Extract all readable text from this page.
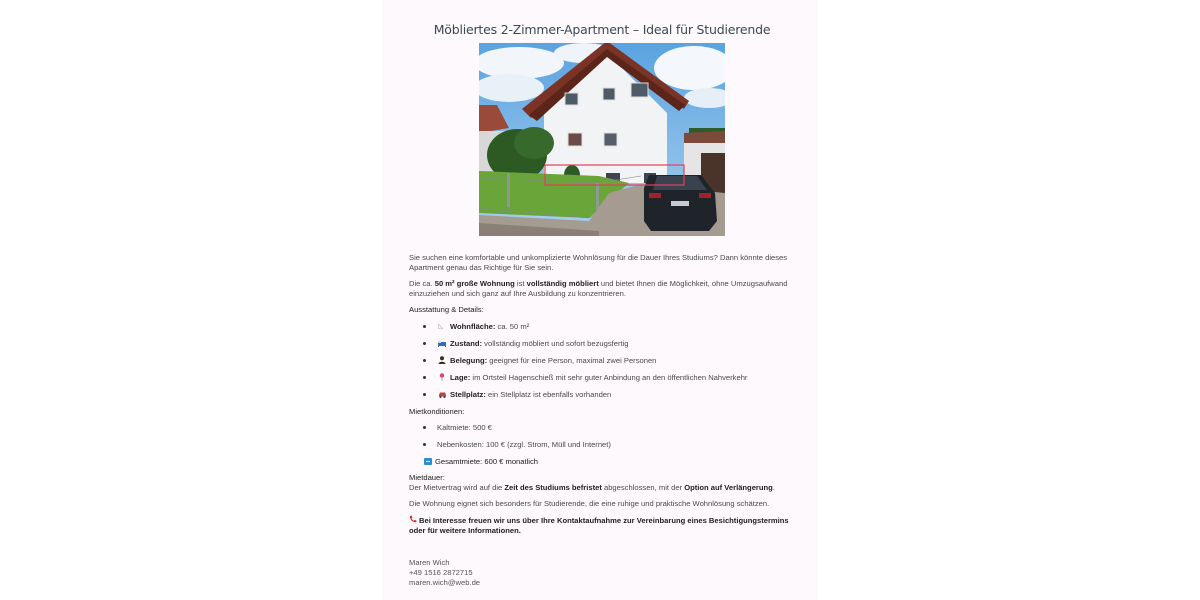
Möbliertes 2-Zimmer-Apartment – Ideal für Studierende

Sie suchen eine komfortable und unkomplizierte Wohnlösung für die Dauer Ihres Studiums? Dann könnte dieses Apartment genau das Richtige für Sie sein.

Die ca. 50 m² große Wohnung ist vollständig möbliert und bietet Ihnen die Möglichkeit, ohne Umzugsaufwand einzuziehen und sich ganz auf Ihre Ausbildung zu konzentrieren.

Ausstattung & Details:
◺ Wohnfläche: ca. 50 m²
Zustand: vollständig möbliert und sofort bezugsfertig
Belegung: geeignet für eine Person, maximal zwei Personen
Lage: im Ortsteil Hagenschieß mit sehr guter Anbindung an den öffentlichen Nahverkehr
Stellplatz: ein Stellplatz ist ebenfalls vorhanden
Mietkonditionen:
Kaltmiete: 500 €
Nebenkosten: 100 € (zzgl. Strom, Müll und Internet)
Gesamtmiete: 600 € monatlich
Mietdauer:
Der Mietvertrag wird auf die Zeit des Studiums befristet abgeschlossen, mit der Option auf Verlängerung.
Die Wohnung eignet sich besonders für Studierende, die eine ruhige und praktische Wohnlösung schätzen.
Bei Interesse freuen wir uns über Ihre Kontaktaufnahme zur Vereinbarung eines Besichtigungstermins oder für weitere Informationen.
Maren Wich
+49 1516 2872715
maren.wich@web.de
